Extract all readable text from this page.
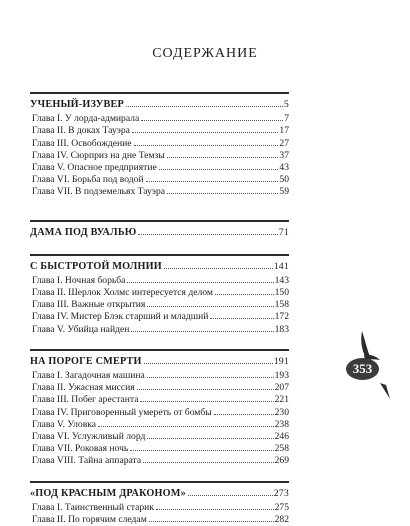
СОДЕРЖАНИЕ
УЧЕНЫЙ-ИЗУВЕР	5
Глава I. У лорда-адмирала	7
Глава II. В доках Тауэра	17
Глава III. Освобождение	27
Глава IV. Сюрприз на дне Темзы	37
Глава V. Опасное предприятие	43
Глава VI. Борьба под водой	50
Глава VII. В подземельях Тауэра	59
ДАМА ПОД ВУАЛЬЮ	71
С БЫСТРОТОЙ МОЛНИИ	141
Глава I. Ночная борьба	143
Глава II. Шерлок Холмс интересуется делом	150
Глава III. Важные открытия	158
Глава IV. Мистер Блэк старший и младший	172
Глава V. Убийца найден	183
НА ПОРОГЕ СМЕРТИ	191
Глава I. Загадочная машина	193
Глава II. Ужасная миссия	207
Глава III. Побег арестанта	221
Глава IV. Приговоренный умереть от бомбы	230
Глава V. Уловка	238
Глава VI. Услужливый лорд	246
Глава VII. Роковая ночь	258
Глава VIII. Тайна аппарата	269
«ПОД КРАСНЫМ ДРАКОНОМ»	273
Глава I. Таинственный старик	275
Глава II. По горячим следам	282
353
